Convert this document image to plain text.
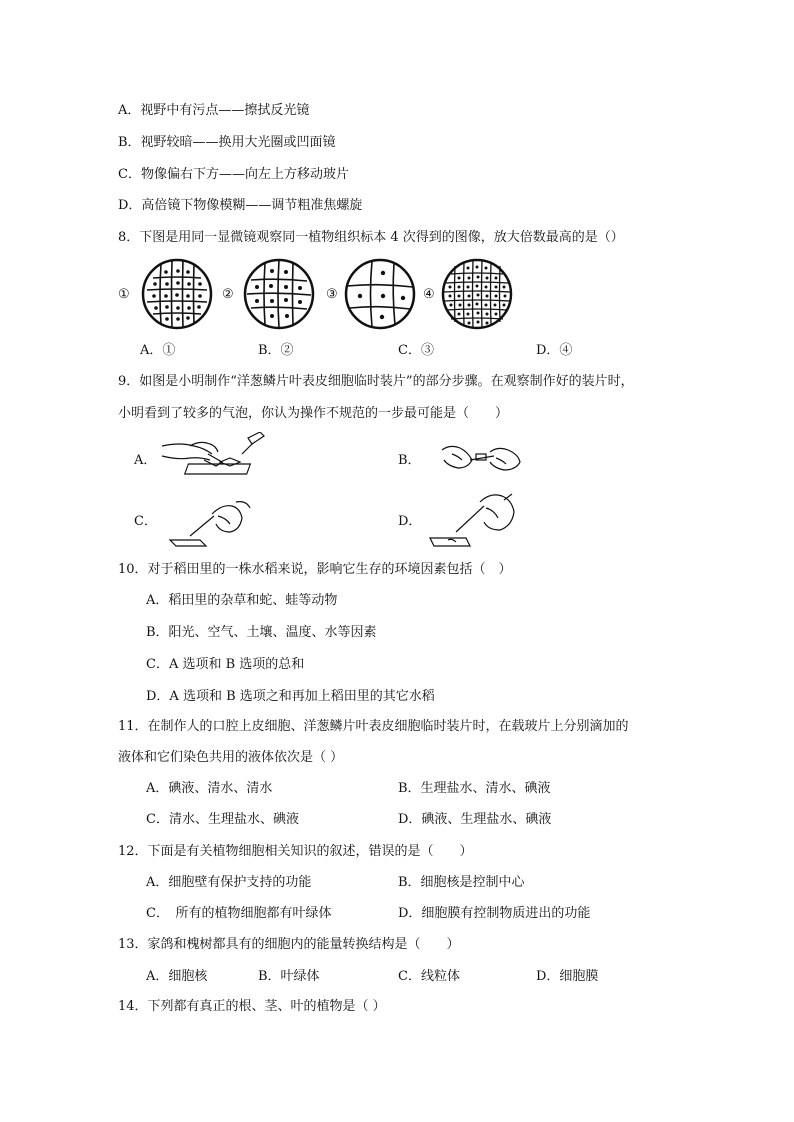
A．视野中有污点——擦拭反光镜
B．视野较暗——换用大光圈或凹面镜
C．物像偏右下方——向左上方移动玻片
D．高倍镜下物像模糊——调节粗准焦螺旋
8．下图是用同一显微镜观察同一植物组织标本 4 次得到的图像，放大倍数最高的是（）
①	②	③	④
A．①	B．②	C．③	D．④
9．如图是小明制作“洋葱鳞片叶表皮细胞临时装片”的部分步骤。在观察制作好的装片时，
小明看到了较多的气泡，你认为操作不规范的一步最可能是（　　）
A．	B．
C．	D．
10．对于稻田里的一株水稻来说，影响它生存的环境因素包括（　）
A．稻田里的杂草和蛇、蛙等动物
B．阳光、空气、土壤、温度、水等因素
C．A 选项和 B 选项的总和
D．A 选项和 B 选项之和再加上稻田里的其它水稻
11．在制作人的口腔上皮细胞、洋葱鳞片叶表皮细胞临时装片时，在载玻片上分别滴加的
液体和它们染色共用的液体依次是（ ）
A．碘液、清水、清水	B．生理盐水、清水、碘液
C．清水、生理盐水、碘液	D．碘液、生理盐水、碘液
12．下面是有关植物细胞相关知识的叙述，错误的是（　　）
A．细胞壁有保护支持的功能	B．细胞核是控制中心
C．　所有的植物细胞都有叶绿体	D．细胞膜有控制物质进出的功能
13．家鸽和槐树都具有的细胞内的能量转换结构是（　　）
A．细胞核	B．叶绿体	C．线粒体	D．细胞膜
14．下列都有真正的根、茎、叶的植物是（ ）
